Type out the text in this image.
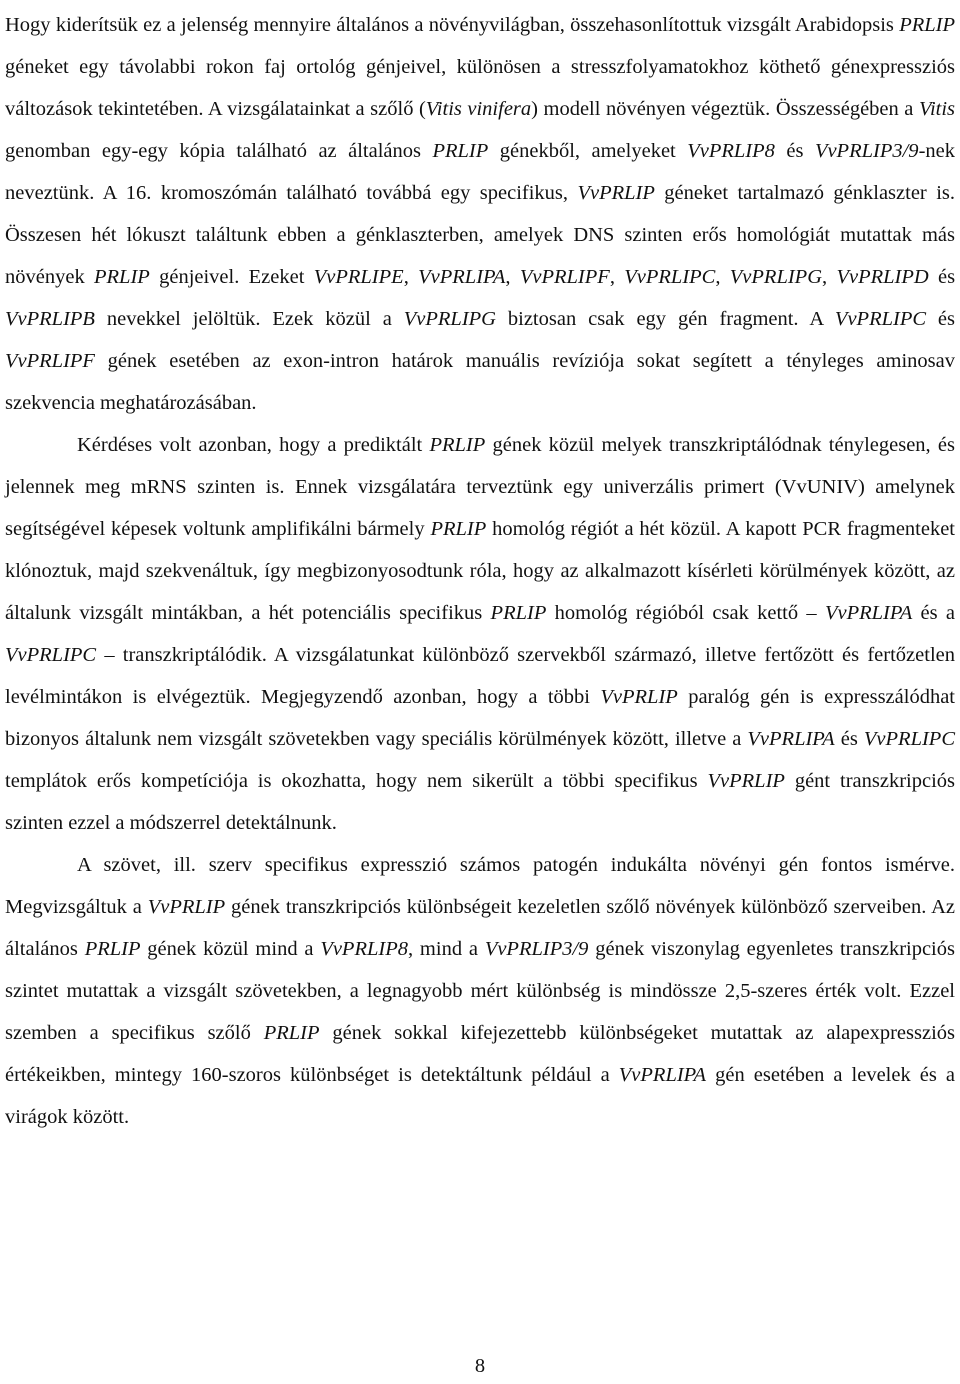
Hogy kiderítsük ez a jelenség mennyire általános a növényvilágban, összehasonlítottuk vizsgált Arabidopsis PRLIP géneket egy távolabbi rokon faj ortológ génjeivel, különösen a stresszfolyamatokhoz köthető génexpressziós változások tekintetében. A vizsgálatainkat a szőlő (Vitis vinifera) modell növényen végeztük. Összességében a Vitis genomban egy-egy kópia található az általános PRLIP génekből, amelyeket VvPRLIP8 és VvPRLIP3/9-nek neveztünk. A 16. kromoszómán található továbbá egy specifikus, VvPRLIP géneket tartalmazó génklaszter is. Összesen hét lókuszt találtunk ebben a génklaszterben, amelyek DNS szinten erős homológiát mutattak más növények PRLIP génjeivel. Ezeket VvPRLIPE, VvPRLIPA, VvPRLIPF, VvPRLIPC, VvPRLIPG, VvPRLIPD és VvPRLIPB nevekkel jelöltük. Ezek közül a VvPRLIPG biztosan csak egy gén fragment. A VvPRLIPC és VvPRLIPF gének esetében az exon-intron határok manuális revíziója sokat segített a tényleges aminosav szekvencia meghatározásában.

Kérdéses volt azonban, hogy a prediktált PRLIP gének közül melyek transzkriptálódnak ténylegesen, és jelennek meg mRNS szinten is. Ennek vizsgálatára terveztünk egy univerzális primert (VvUNIV) amelynek segítségével képesek voltunk amplifikálni bármely PRLIP homológ régiót a hét közül. A kapott PCR fragmenteket klónoztuk, majd szekvenáltuk, így megbizonyosodtunk róla, hogy az alkalmazott kísérleti körülmények között, az általunk vizsgált mintákban, a hét potenciális specifikus PRLIP homológ régióból csak kettő – VvPRLIPA és a VvPRLIPC – transzkriptálódik. A vizsgálatunkat különböző szervekből származó, illetve fertőzött és fertőzetlen levélmintákon is elvégeztük. Megjegyzendő azonban, hogy a többi VvPRLIP paralóg gén is expresszálódhat bizonyos általunk nem vizsgált szövetekben vagy speciális körülmények között, illetve a VvPRLIPA és VvPRLIPC templátok erős kompetíciója is okozhatta, hogy nem sikerült a többi specifikus VvPRLIP gént transzkripciós szinten ezzel a módszerrel detektálnunk.

A szövet, ill. szerv specifikus expresszió számos patogén indukálta növényi gén fontos ismérve. Megvizsgáltuk a VvPRLIP gének transzkripciós különbségeit kezeletlen szőlő növények különböző szerveiben. Az általános PRLIP gének közül mind a VvPRLIP8, mind a VvPRLIP3/9 gének viszonylag egyenletes transzkripciós szintet mutattak a vizsgált szövetekben, a legnagyobb mért különbség is mindössze 2,5-szeres érték volt. Ezzel szemben a specifikus szőlő PRLIP gének sokkal kifejezettebb különbségeket mutattak az alapexpressziós értékeikben, mintegy 160-szoros különbséget is detektáltunk például a VvPRLIPA gén esetében a levelek és a virágok között.

8
